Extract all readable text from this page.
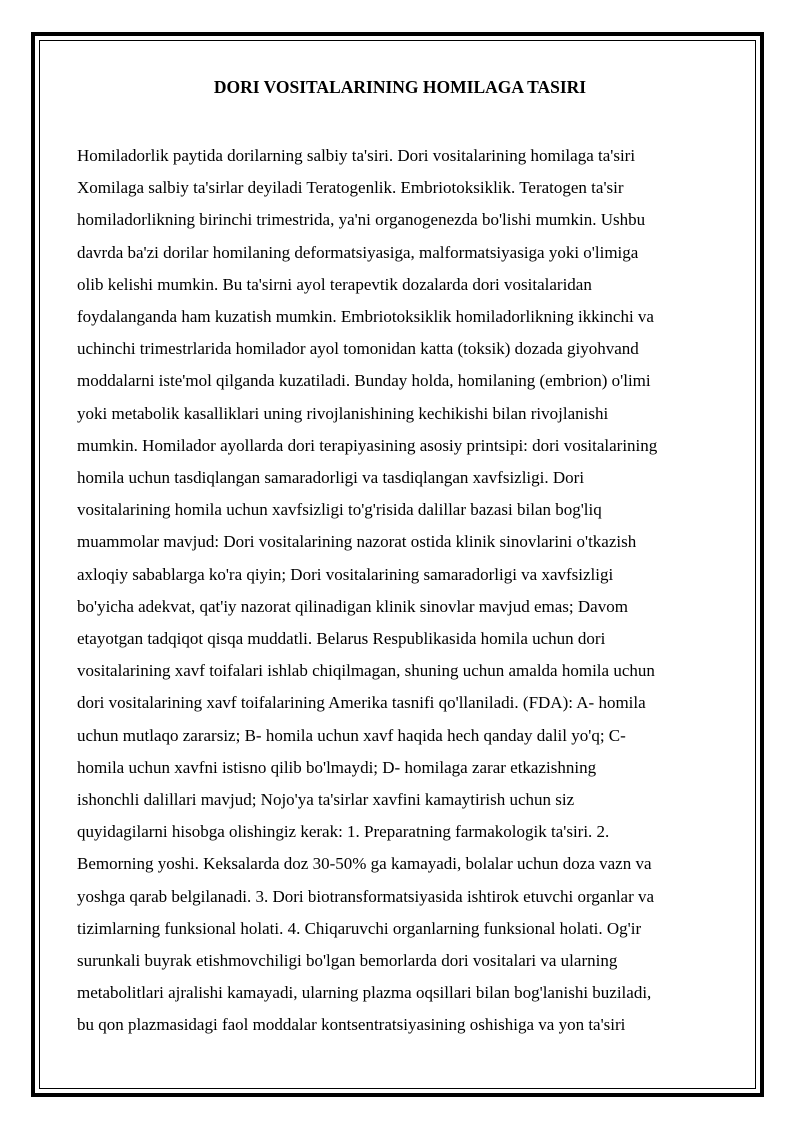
DORI VOSITALARINING HOMILAGA TASIRI

Homiladorlik paytida dorilarning salbiy ta'siri. Dori vositalarining homilaga ta'siri
Xomilaga salbiy ta'sirlar deyiladi Teratogenlik. Embriotoksiklik. Teratogen ta'sir
homiladorlikning birinchi trimestrida, ya'ni organogenezda bo'lishi mumkin. Ushbu
davrda ba'zi dorilar homilaning deformatsiyasiga, malformatsiyasiga yoki o'limiga
olib kelishi mumkin. Bu ta'sirni ayol terapevtik dozalarda dori vositalaridan
foydalanganda ham kuzatish mumkin. Embriotoksiklik homiladorlikning ikkinchi va
uchinchi trimestrlarida homilador ayol tomonidan katta (toksik) dozada giyohvand
moddalarni iste'mol qilganda kuzatiladi. Bunday holda, homilaning (embrion) o'limi
yoki metabolik kasalliklari uning rivojlanishining kechikishi bilan rivojlanishi
mumkin. Homilador ayollarda dori terapiyasining asosiy printsipi: dori vositalarining
homila uchun tasdiqlangan samaradorligi va tasdiqlangan xavfsizligi. Dori
vositalarining homila uchun xavfsizligi to'g'risida dalillar bazasi bilan bog'liq
muammolar mavjud: Dori vositalarining nazorat ostida klinik sinovlarini o'tkazish
axloqiy sabablarga ko'ra qiyin; Dori vositalarining samaradorligi va xavfsizligi
bo'yicha adekvat, qat'iy nazorat qilinadigan klinik sinovlar mavjud emas; Davom
etayotgan tadqiqot qisqa muddatli. Belarus Respublikasida homila uchun dori
vositalarining xavf toifalari ishlab chiqilmagan, shuning uchun amalda homila uchun
dori vositalarining xavf toifalarining Amerika tasnifi qo'llaniladi. (FDA): A- homila
uchun mutlaqo zararsiz; B- homila uchun xavf haqida hech qanday dalil yo'q; C-
homila uchun xavfni istisno qilib bo'lmaydi; D- homilaga zarar etkazishning
ishonchli dalillari mavjud; Nojo'ya ta'sirlar xavfini kamaytirish uchun siz
quyidagilarni hisobga olishingiz kerak: 1. Preparatning farmakologik ta'siri. 2.
Bemorning yoshi. Keksalarda doz 30-50% ga kamayadi, bolalar uchun doza vazn va
yoshga qarab belgilanadi. 3. Dori biotransformatsiyasida ishtirok etuvchi organlar va
tizimlarning funksional holati. 4. Chiqaruvchi organlarning funksional holati. Og'ir
surunkali buyrak etishmovchiligi bo'lgan bemorlarda dori vositalari va ularning
metabolitlari ajralishi kamayadi, ularning plazma oqsillari bilan bog'lanishi buziladi,
bu qon plazmasidagi faol moddalar kontsentratsiyasining oshishiga va yon ta'siri
